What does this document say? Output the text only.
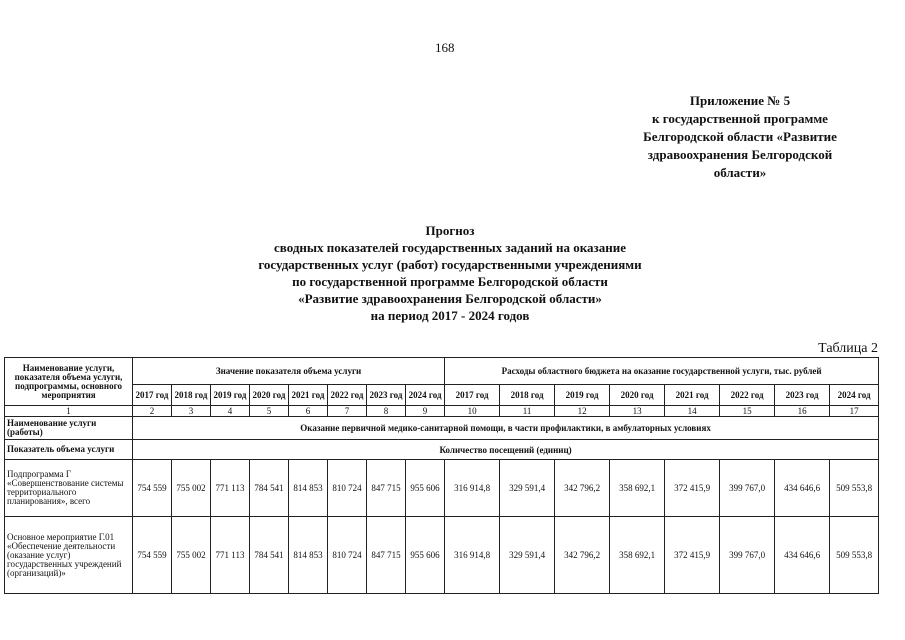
168
Приложение № 5
к государственной программе
Белгородской области «Развитие
здравоохранения Белгородской
области»
Прогноз
сводных показателей государственных заданий на оказание
государственных услуг (работ) государственными учреждениями
по государственной программе Белгородской области
«Развитие здравоохранения Белгородской области»
на период 2017 - 2024 годов
Таблица 2
Наименование услуги, показателя объема услуги, подпрограммы, основного мероприятия	Значение показателя объема услуги								Расходы областного бюджета на оказание государственной услуги, тыс. рублей							
	2017 год	2018 год	2019 год	2020 год	2021 год	2022 год	2023 год	2024 год	2017 год	2018 год	2019 год	2020 год	2021 год	2022 год	2023 год	2024 год
1	2	3	4	5	6	7	8	9	10	11	12	13	14	15	16	17
Наименование услуги (работы)	Оказание первичной медико-санитарной помощи, в части профилактики, в амбулаторных условиях															
Показатель объема услуги	Количество посещений (единиц)															
Подпрограмма Г «Совершенствование системы территориального планирования», всего	754 559	755 002	771 113	784 541	814 853	810 724	847 715	955 606	316 914,8	329 591,4	342 796,2	358 692,1	372 415,9	399 767,0	434 646,6	509 553,8
Основное мероприятие Г.01 «Обеспечение деятельности (оказание услуг) государственных учреждений (организаций)»	754 559	755 002	771 113	784 541	814 853	810 724	847 715	955 606	316 914,8	329 591,4	342 796,2	358 692,1	372 415,9	399 767,0	434 646,6	509 553,8
